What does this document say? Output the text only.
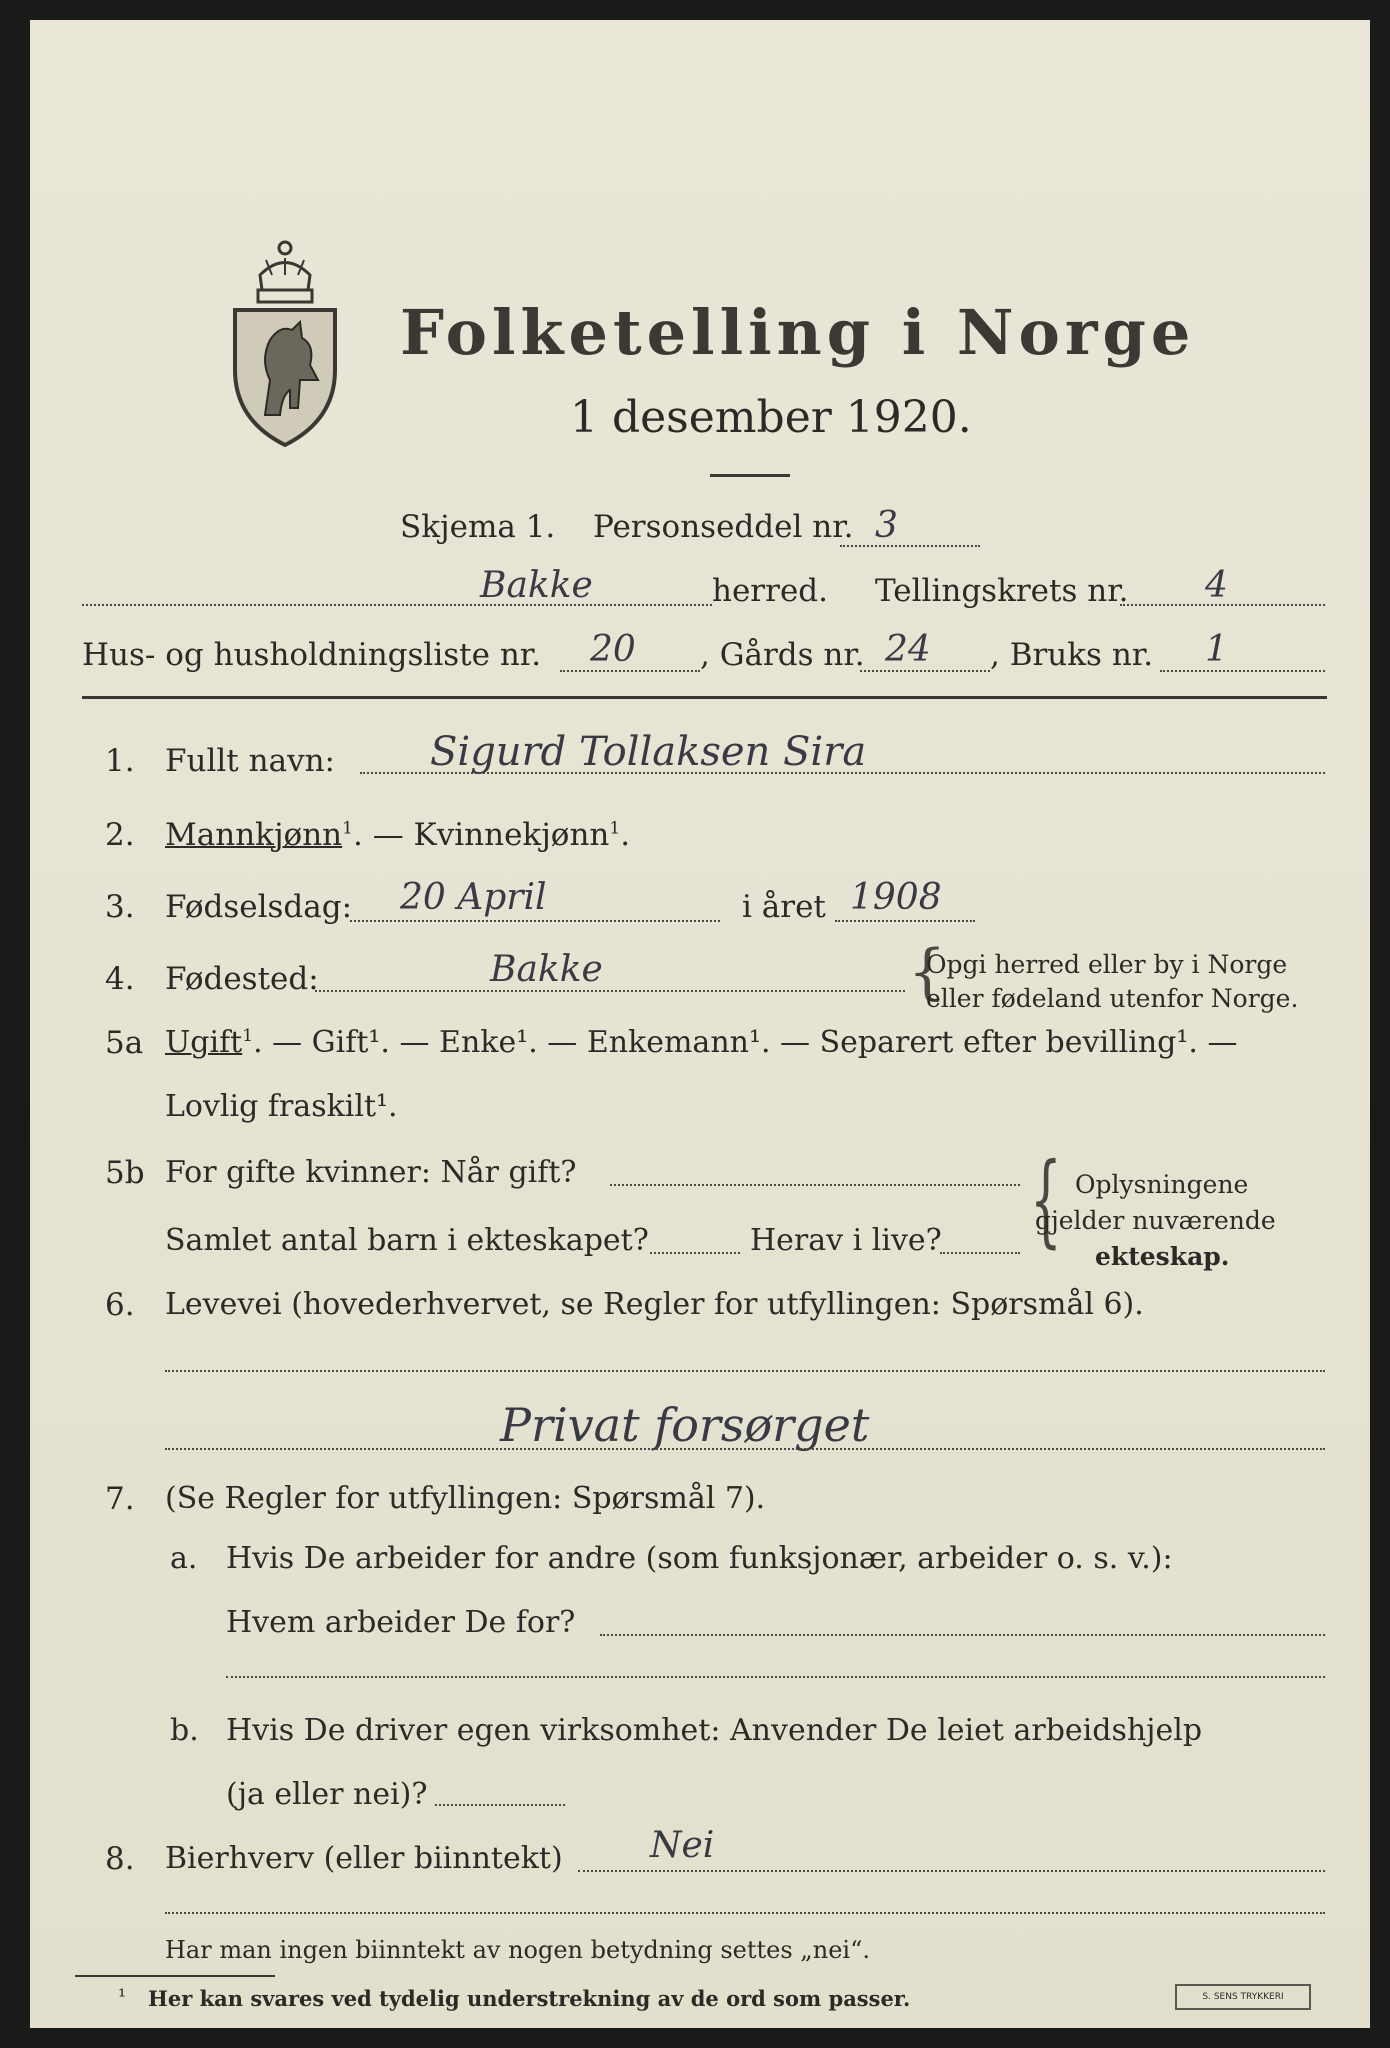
Folketelling i Norge
1 desember 1920.
Skjema 1. Personseddel nr. 3
Bakke	herred. Tellingskrets nr. 4
Hus- og husholdningsliste nr. 20 , Gårds nr. 24 , Bruks nr. 1
1. Fullt navn: Sigurd Tollaksen Sira
2. Mannkjønn$^1$. — Kvinnekjønn$^1$.
3. Fødselsdag: 20 April	i året 1908
4. Fødested:	Bakke	{
Opgi herred eller by i Norge
eller fødeland utenfor Norge.
5a Ugift$^1$. — Gift¹. — Enke¹. — Enkemann¹. — Separert efter bevilling¹. —
Lovlig fraskilt¹.
5b For gifte kvinner: Når gift?
Samlet antal barn i ekteskapet?	Herav i live? { Oplysningene
gjelder nuværende
ekteskap.
6. Levevei (hovederhvervet, se Regler for utfyllingen: Spørsmål 6).
Privat forsørget
7. (Se Regler for utfyllingen: Spørsmål 7).
a. Hvis De arbeider for andre (som funksjonær, arbeider o. s. v.):
Hvem arbeider De for?
b. Hvis De driver egen virksomhet: Anvender De leiet arbeidshjelp
(ja eller nei)?
8. Bierhverv (eller biinntekt) Nei
Har man ingen biinntekt av nogen betydning settes „nei“.
¹ Her kan svares ved tydelig understrekning av de ord som passer.	S. SENS TRYKKERI
